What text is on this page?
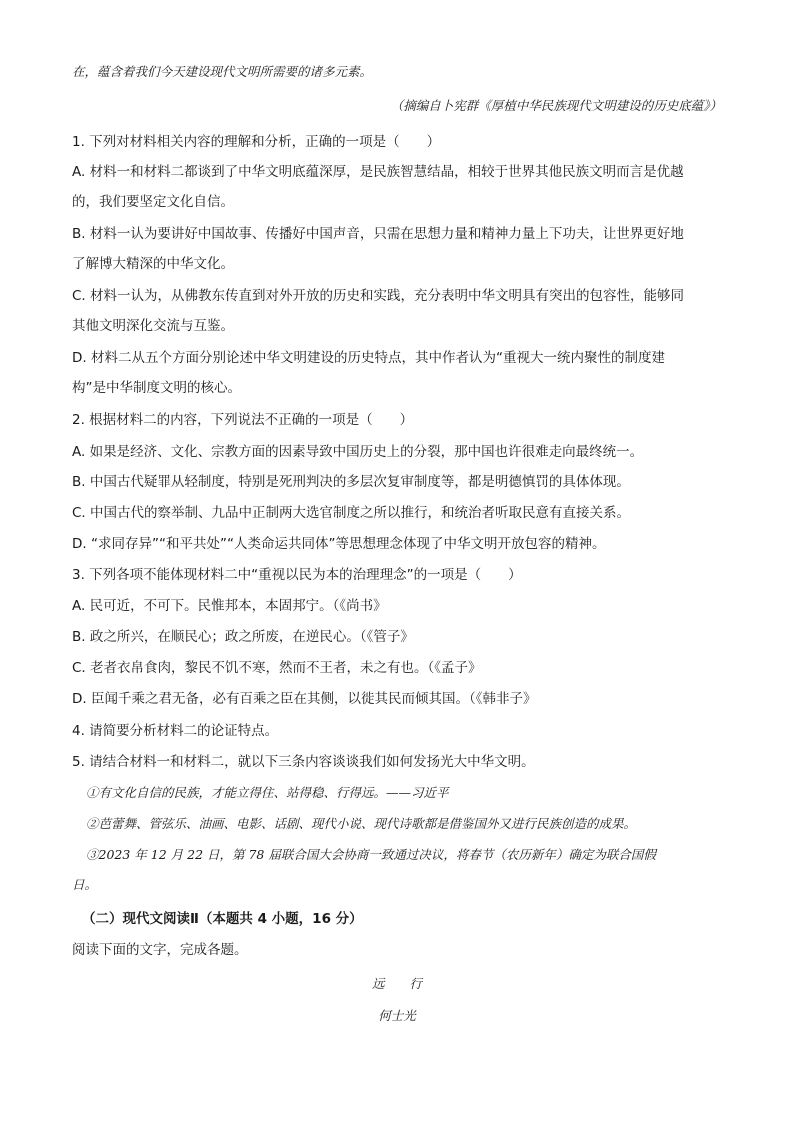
在，蕴含着我们今天建设现代文明所需要的诸多元素。

（摘编自卜宪群《厚植中华民族现代文明建设的历史底蕴》）

1. 下列对材料相关内容的理解和分析，正确的一项是（　　）

A. 材料一和材料二都谈到了中华文明底蕴深厚，是民族智慧结晶，相较于世界其他民族文明而言是优越

的，我们要坚定文化自信。

B. 材料一认为要讲好中国故事、传播好中国声音，只需在思想力量和精神力量上下功夫，让世界更好地

了解博大精深的中华文化。

C. 材料一认为，从佛教东传直到对外开放的历史和实践，充分表明中华文明具有突出的包容性，能够同

其他文明深化交流与互鉴。

D. 材料二从五个方面分别论述中华文明建设的历史特点，其中作者认为“重视大一统内聚性的制度建

构”是中华制度文明的核心。

2. 根据材料二的内容，下列说法不正确的一项是（　　）

A. 如果是经济、文化、宗教方面的因素导致中国历史上的分裂，那中国也许很难走向最终统一。

B. 中国古代疑罪从轻制度，特别是死刑判决的多层次复审制度等，都是明德慎罚的具体体现。

C. 中国古代的察举制、九品中正制两大选官制度之所以推行，和统治者听取民意有直接关系。

D. “求同存异”“和平共处”“人类命运共同体”等思想理念体现了中华文明开放包容的精神。

3. 下列各项不能体现材料二中“重视以民为本的治理理念”的一项是（　　）

A. 民可近，不可下。民惟邦本，本固邦宁。（《尚书》

B. 政之所兴，在顺民心；政之所废，在逆民心。（《管子》

C. 老者衣帛食肉，黎民不饥不寒，然而不王者，未之有也。（《孟子》

D. 臣闻千乘之君无备，必有百乘之臣在其侧，以徙其民而倾其国。（《韩非子》

4. 请简要分析材料二的论证特点。

5. 请结合材料一和材料二，就以下三条内容谈谈我们如何发扬光大中华文明。

①有文化自信的民族，才能立得住、站得稳、行得远。——习近平

②芭蕾舞、管弦乐、油画、电影、话剧、现代小说、现代诗歌都是借鉴国外又进行民族创造的成果。

③2023 年 12 月 22 日，第 78 届联合国大会协商一致通过决议，将春节（农历新年）确定为联合国假

日。

（二）现代文阅读Ⅱ（本题共 4 小题，16 分）

阅读下面的文字，完成各题。

远　　行

何士光
